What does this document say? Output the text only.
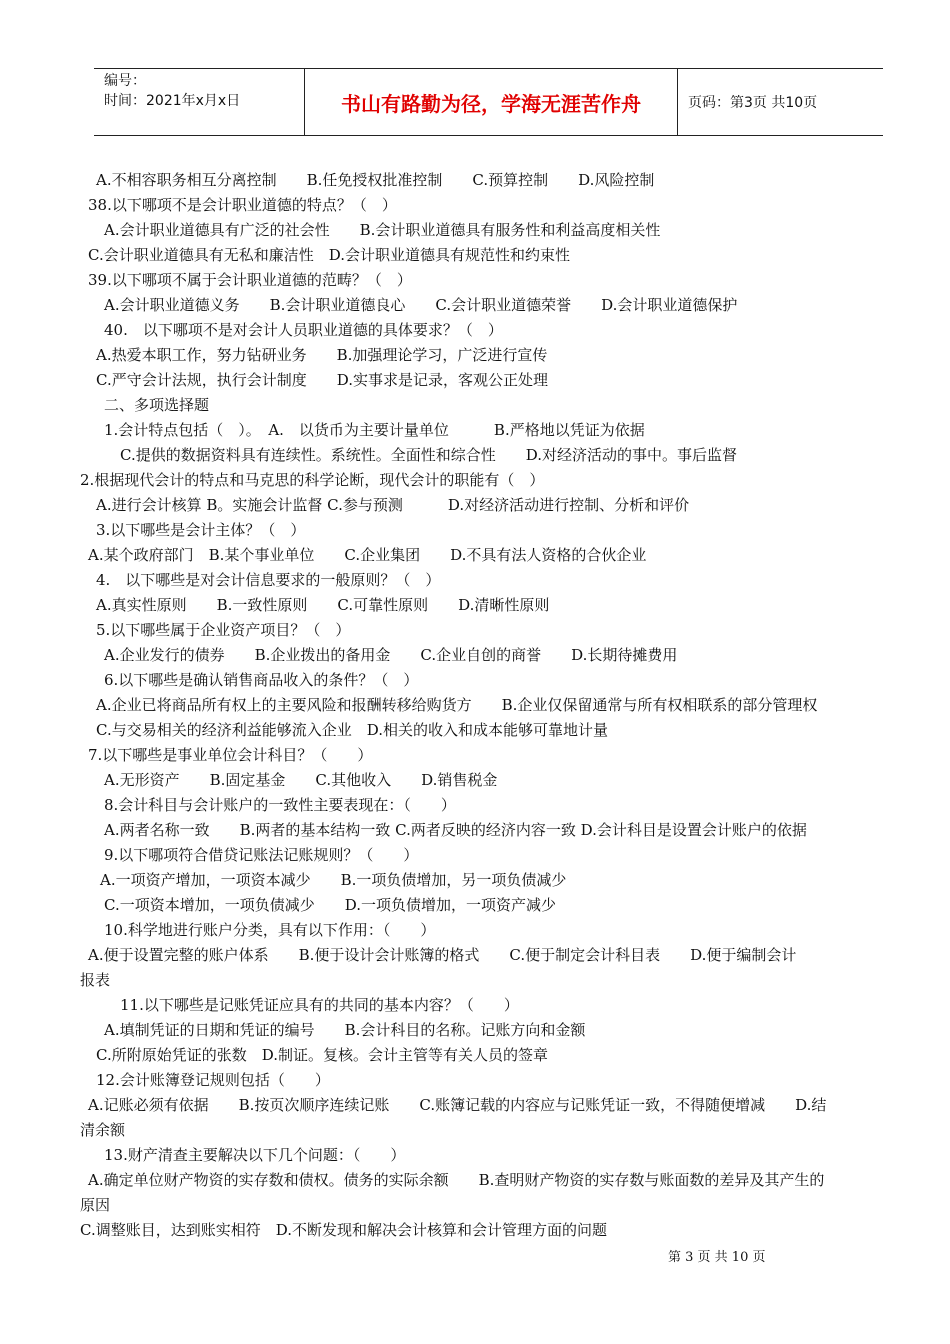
编号：
时间：2021年x月x日	书山有路勤为径，学海无涯苦作舟	页码：第3页 共10页
A.不相容职务相互分离控制　　B.任免授权批准控制　　C.预算控制　　D.风险控制
38.以下哪项不是会计职业道德的特点？（　）
A.会计职业道德具有广泛的社会性　　B.会计职业道德具有服务性和利益高度相关性
C.会计职业道德具有无私和廉洁性　D.会计职业道德具有规范性和约束性
39.以下哪项不属于会计职业道德的范畴？（　）
A.会计职业道德义务　　B.会计职业道德良心　　C.会计职业道德荣誉　　D.会计职业道德保护
40.　以下哪项不是对会计人员职业道德的具体要求？（　）
A.热爱本职工作，努力钻研业务　　B.加强理论学习，广泛进行宣传
C.严守会计法规，执行会计制度　　D.实事求是记录，客观公正处理
二、多项选择题
1.会计特点包括（　）。　A.　以货币为主要计量单位　　　B.严格地以凭证为依据
C.提供的数据资料具有连续性。系统性。全面性和综合性　　D.对经济活动的事中。事后监督
2.根据现代会计的特点和马克思的科学论断，现代会计的职能有（　）
A.进行会计核算 B。实施会计监督 C.参与预测　　　D.对经济活动进行控制、分析和评价
3.以下哪些是会计主体？（　）
A.某个政府部门　B.某个事业单位　　C.企业集团　　D.不具有法人资格的合伙企业
4.　以下哪些是对会计信息要求的一般原则？（　）
A.真实性原则　　B.一致性原则　　C.可靠性原则　　D.清晰性原则
5.以下哪些属于企业资产项目？（　）
A.企业发行的债券　　B.企业拨出的备用金　　C.企业自创的商誉　　D.长期待摊费用
6.以下哪些是确认销售商品收入的条件？（　）
A.企业已将商品所有权上的主要风险和报酬转移给购货方　　B.企业仅保留通常与所有权相联系的部分管理权
C.与交易相关的经济利益能够流入企业　D.相关的收入和成本能够可靠地计量
7.以下哪些是事业单位会计科目？（　　）
A.无形资产　　B.固定基金　　C.其他收入　　D.销售税金
8.会计科目与会计账户的一致性主要表现在：（　　）
A.两者名称一致　　B.两者的基本结构一致 C.两者反映的经济内容一致 D.会计科目是设置会计账户的依据
9.以下哪项符合借贷记账法记账规则？（　　）
A.一项资产增加，一项资本减少　　B.一项负债增加，另一项负债减少
C.一项资本增加，一项负债减少　　D.一项负债增加，一项资产减少
10.科学地进行账户分类，具有以下作用：（　　）
A.便于设置完整的账户体系　　B.便于设计会计账簿的格式　　C.便于制定会计科目表　　D.便于编制会计
报表
11.以下哪些是记账凭证应具有的共同的基本内容？（　　）
A.填制凭证的日期和凭证的编号　　B.会计科目的名称。记账方向和金额
C.所附原始凭证的张数　D.制证。复核。会计主管等有关人员的签章
12.会计账簿登记规则包括（　　）
A.记账必须有依据　　B.按页次顺序连续记账　　C.账簿记载的内容应与记账凭证一致，不得随便增减　　D.结
清余额
13.财产清查主要解决以下几个问题：（　　）
A.确定单位财产物资的实存数和债权。债务的实际余额　　B.查明财产物资的实存数与账面数的差异及其产生的
原因
C.调整账目，达到账实相符　D.不断发现和解决会计核算和会计管理方面的问题
第 3 页 共 10 页
